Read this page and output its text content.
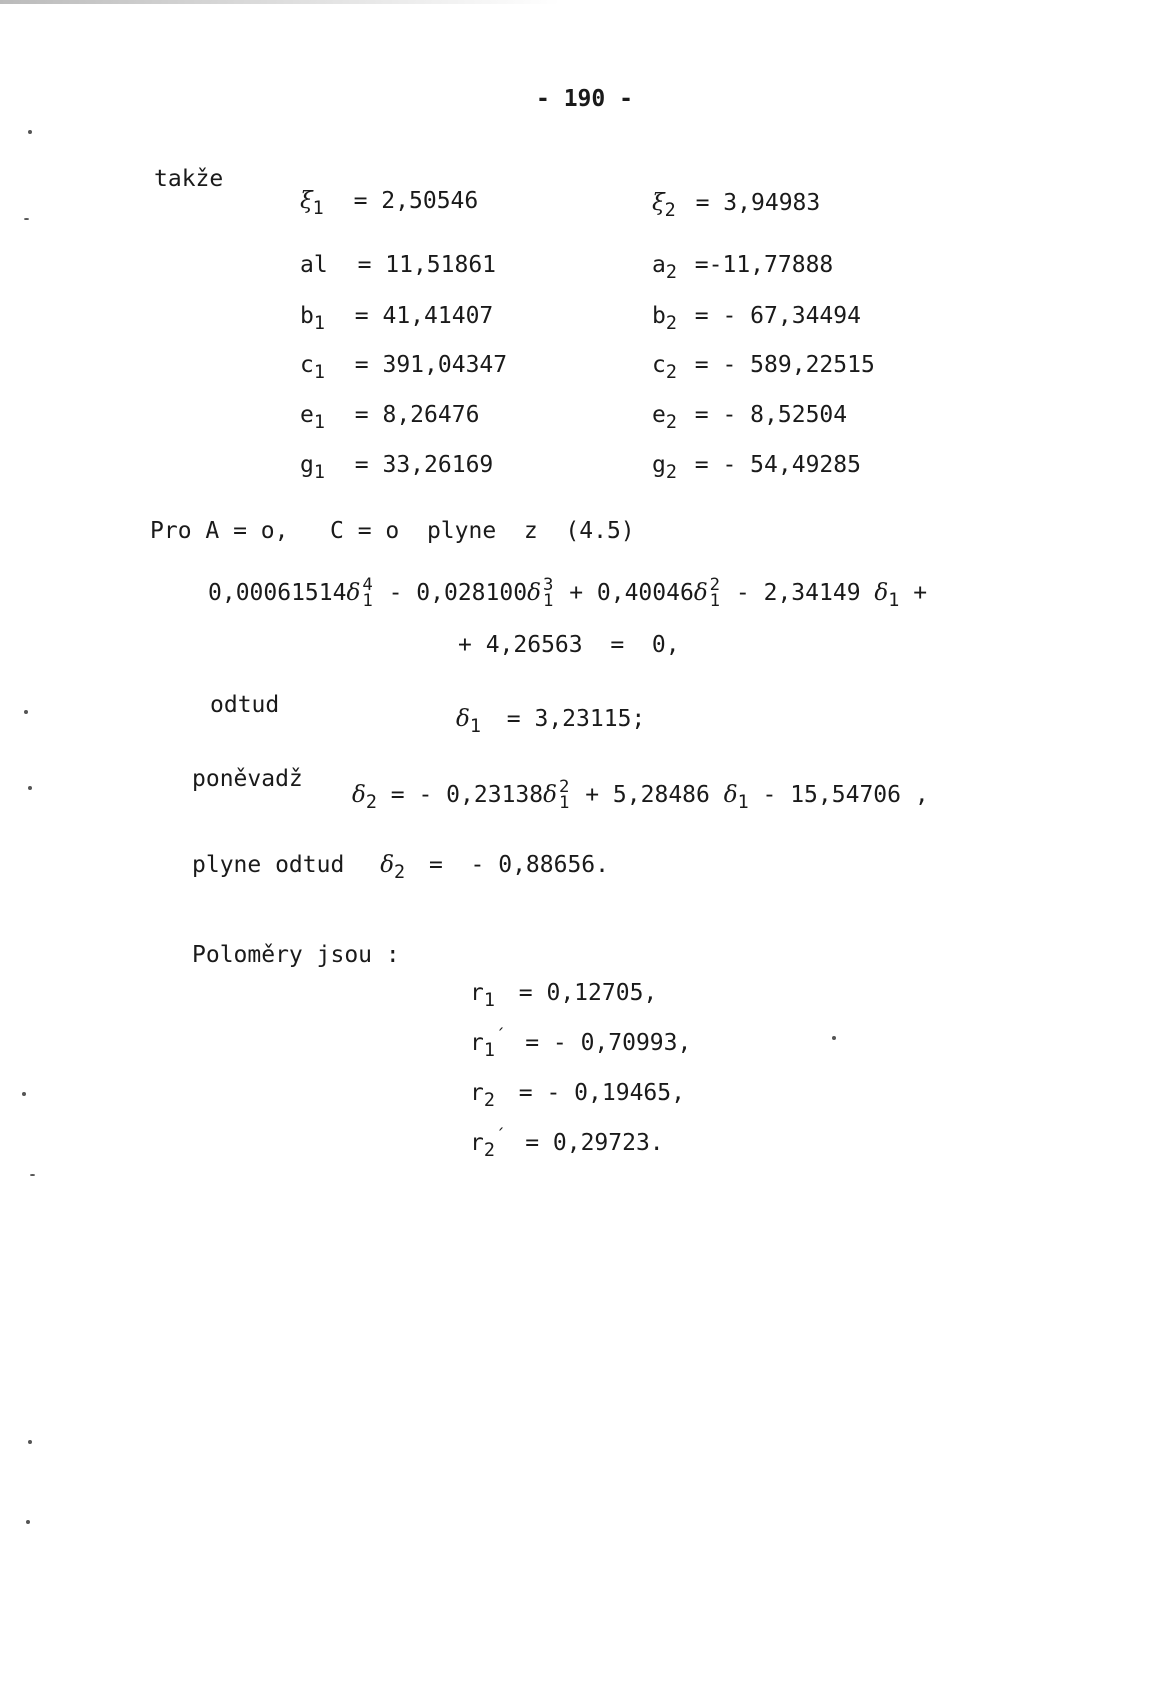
- 190 -
takže
$\xi_1 = 2,50546$	$\xi_2 = 3,94983$
al = 11,51861	$a_2 =-11,77888$
$b_1 = 41,41407$	$b_2$ = - 67,34494
$c_1 = 391,04347$	$c_2$ = - 589,22515
$e_1 = 8,26476$	$e_2$ = - 8,52504
$g_1 = 33,26169$	$g_2$ = - 54,49285
Pro A = o,   C = o  plyne  z  (4.5)
0,00061514δ 4
1 - 0,028100δ 3
1 + 0,40046δ 2
1 - 2,34149 $\delta_1$ +
+ 4,26563  =  0,
odtud
$\delta_1 = 3,23115$;
poněvadž
$\delta_2$ = - 0,23138δ 2
1 + 5,28486 $\delta_1 - 15,54706$ ,
plyne odtud $\delta_2$ =  - 0,88656.
Poloměry jsou :
$r_1 = 0,12705$,
$r_1^´$ = - 0,70993,
$r_2$ = - 0,19465,
$r_2^´ = 0,29723$.
